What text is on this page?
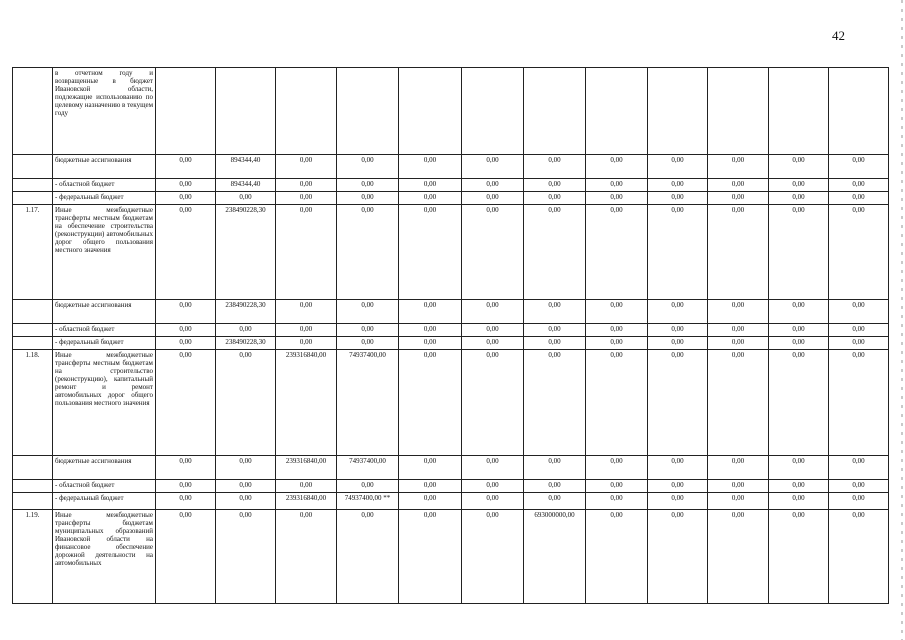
42
	в отчетном году и возвращенные в бюджет Ивановской области, подлежащие использованию по целевому назначению в текущем году												
	бюджетные ассигнования	0,00	894344,40	0,00	0,00	0,00	0,00	0,00	0,00	0,00	0,00	0,00	0,00
	- областной бюджет	0,00	894344,40	0,00	0,00	0,00	0,00	0,00	0,00	0,00	0,00	0,00	0,00
	- федеральный бюджет	0,00	0,00	0,00	0,00	0,00	0,00	0,00	0,00	0,00	0,00	0,00	0,00
1.17.	Иные межбюджетные трансферты местным бюджетам на обеспечение строительства (реконструкции) автомобильных дорог общего пользования местного значения	0,00	238490228,30	0,00	0,00	0,00	0,00	0,00	0,00	0,00	0,00	0,00	0,00
	бюджетные ассигнования	0,00	238490228,30	0,00	0,00	0,00	0,00	0,00	0,00	0,00	0,00	0,00	0,00
	- областной бюджет	0,00	0,00	0,00	0,00	0,00	0,00	0,00	0,00	0,00	0,00	0,00	0,00
	- федеральный бюджет	0,00	238490228,30	0,00	0,00	0,00	0,00	0,00	0,00	0,00	0,00	0,00	0,00
1.18.	Иные межбюджетные трансферты местным бюджетам на строительство (реконструкцию), капитальный ремонт и ремонт автомобильных дорог общего пользования местного значения	0,00	0,00	239316840,00	74937400,00	0,00	0,00	0,00	0,00	0,00	0,00	0,00	0,00
	бюджетные ассигнования	0,00	0,00	239316840,00	74937400,00	0,00	0,00	0,00	0,00	0,00	0,00	0,00	0,00
	- областной бюджет	0,00	0,00	0,00	0,00	0,00	0,00	0,00	0,00	0,00	0,00	0,00	0,00
	- федеральный бюджет	0,00	0,00	239316840,00	74937400,00 **	0,00	0,00	0,00	0,00	0,00	0,00	0,00	0,00
1.19.	Иные межбюджетные трансферты бюджетам муниципальных образований Ивановской области на финансовое обеспечение дорожной деятельности на автомобильных	0,00	0,00	0,00	0,00	0,00	0,00	693000000,00	0,00	0,00	0,00	0,00	0,00
